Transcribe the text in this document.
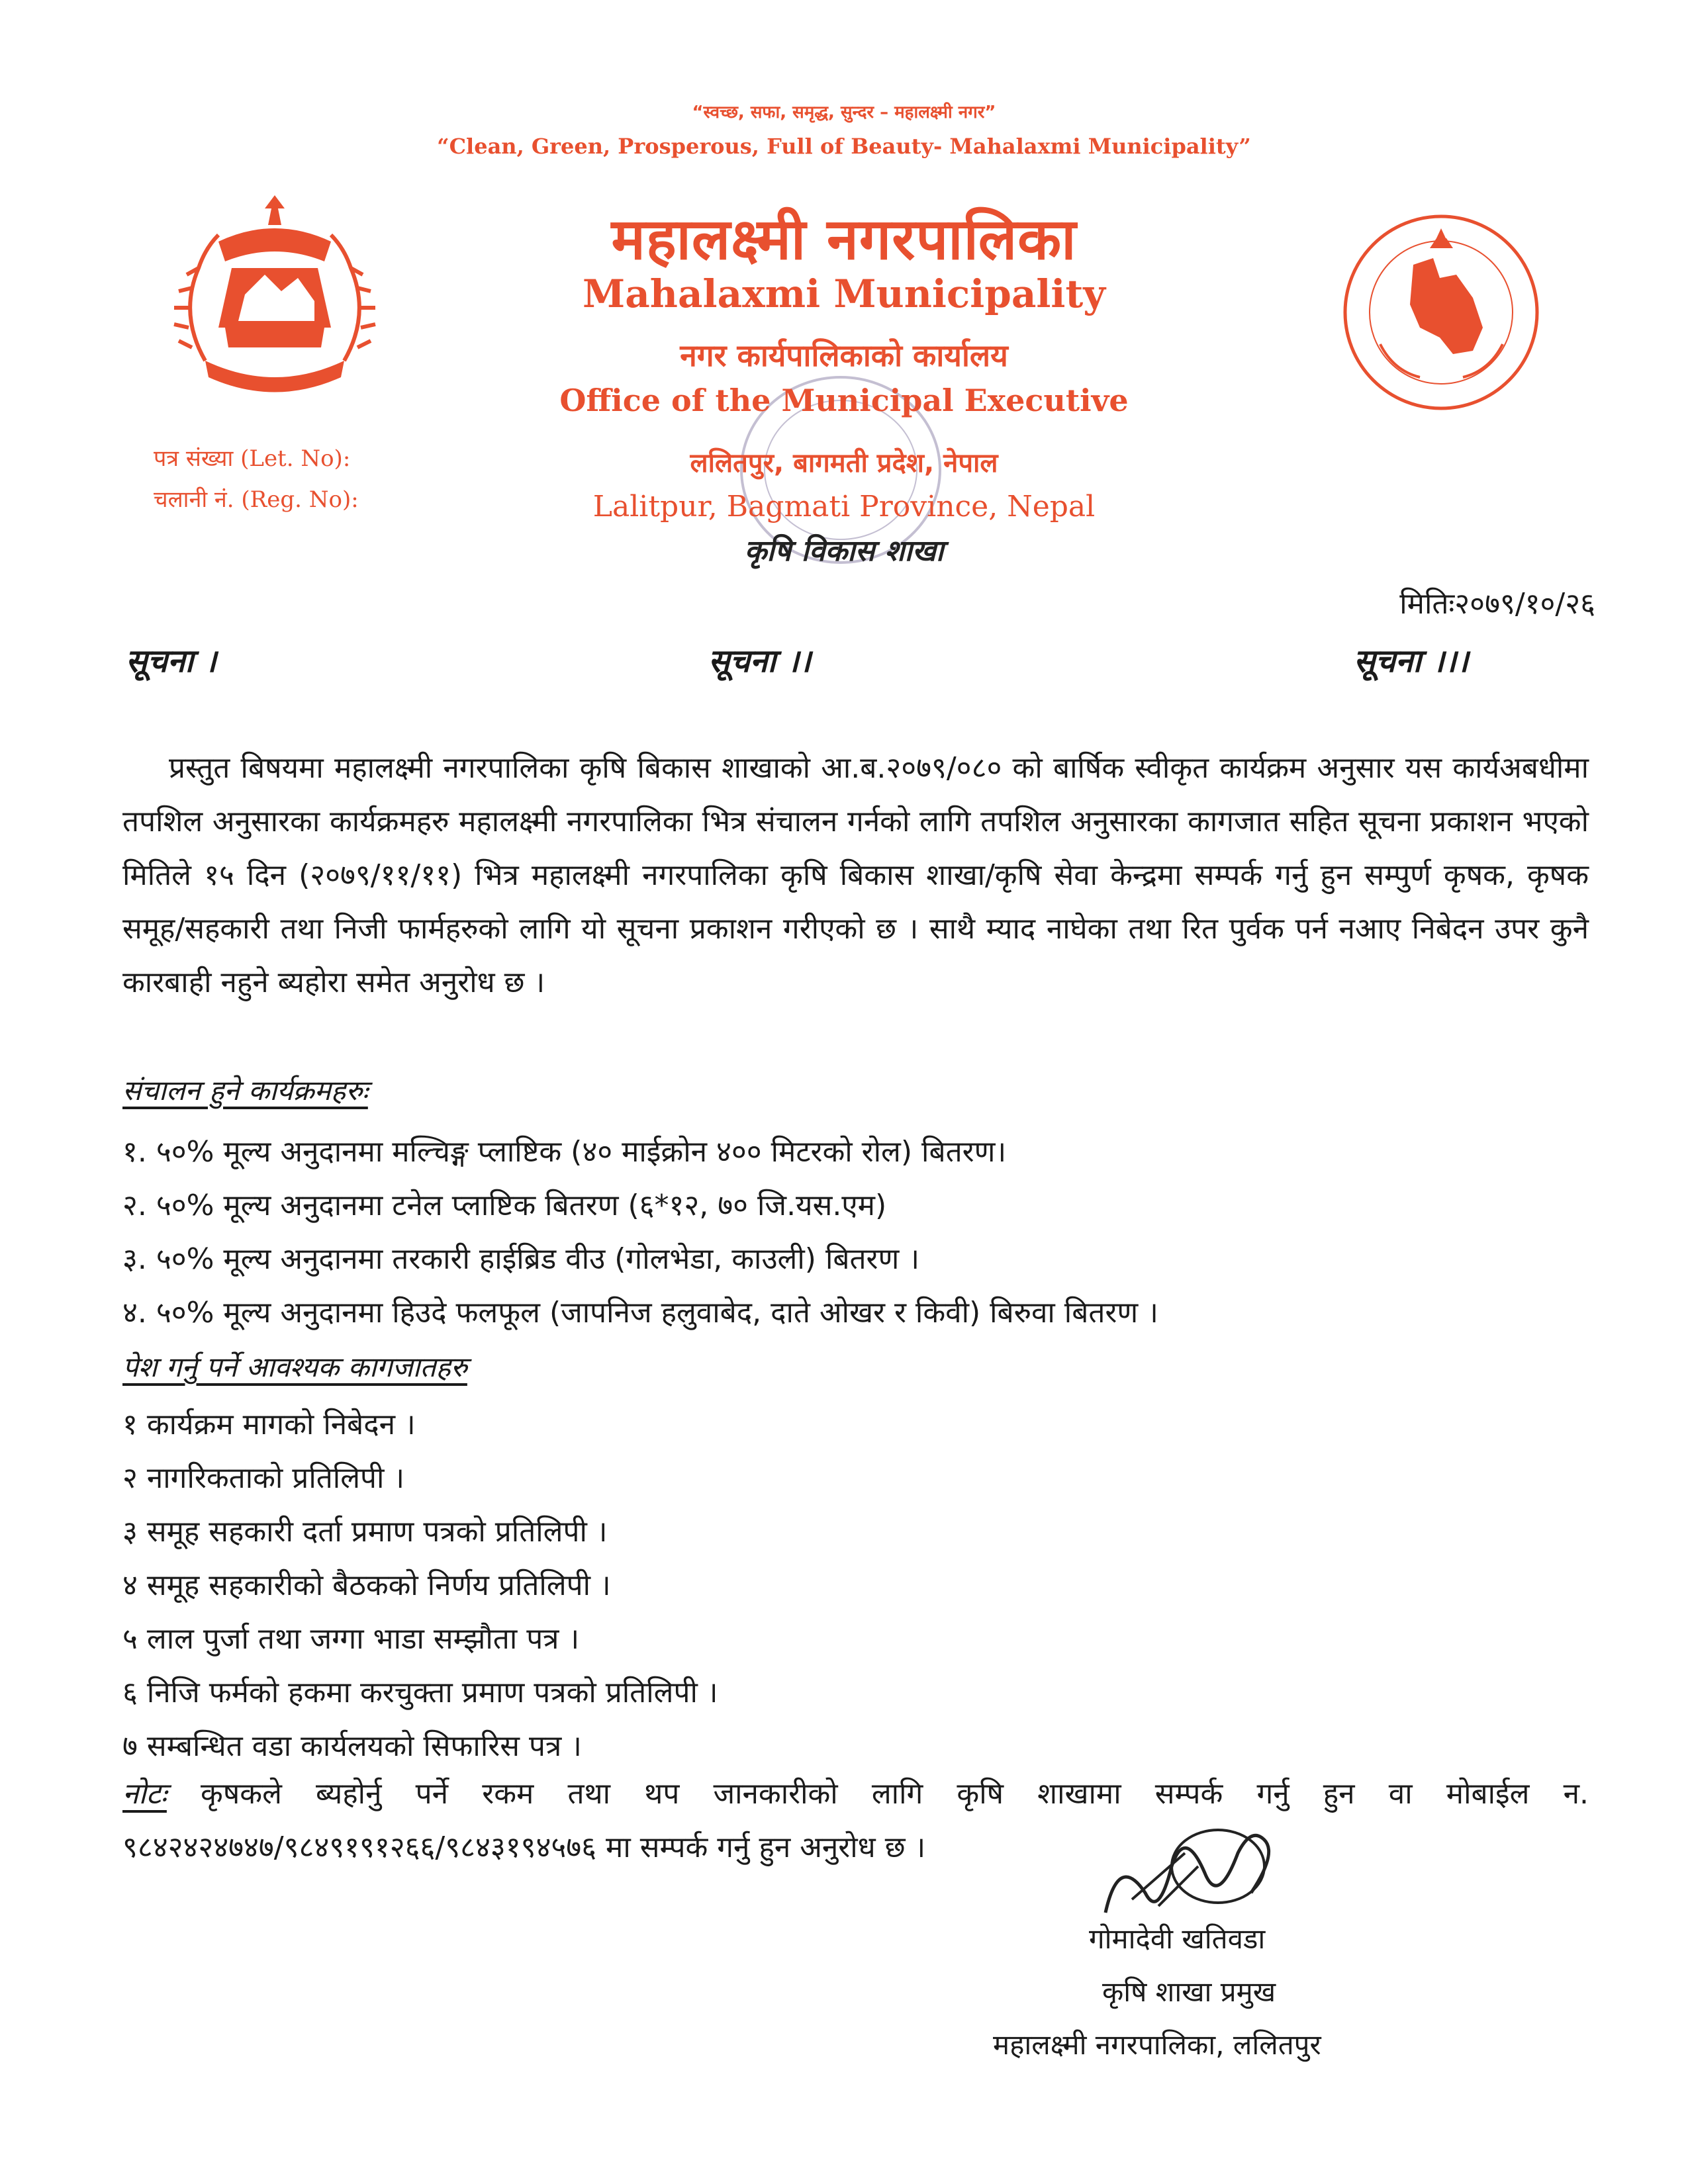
“स्वच्छ, सफा, समृद्ध, सुन्दर – महालक्ष्मी नगर”
“Clean, Green, Prosperous, Full of Beauty- Mahalaxmi Municipality”
महालक्ष्मी नगरपालिका
Mahalaxmi Municipality
नगर कार्यपालिकाको कार्यालय
Office of the Municipal Executive
ललितपुर, बागमती प्रदेश, नेपाल
Lalitpur, Bagmati Province, Nepal
कृषि विकास शाखा
पत्र संख्या (Let. No):
चलानी नं. (Reg. No):
मितिः२०७९/१०/२६
सूचना ।	सूचना ।।	सूचना ।।।
प्रस्तुत बिषयमा महालक्ष्मी नगरपालिका कृषि बिकास शाखाको आ.ब.२०७९/०८० को बार्षिक स्वीकृत कार्यक्रम अनुसार यस कार्यअबधीमा तपशिल अनुसारका कार्यक्रमहरु महालक्ष्मी नगरपालिका भित्र संचालन गर्नको लागि तपशिल अनुसारका कागजात सहित सूचना प्रकाशन भएको मितिले १५ दिन (२०७९/११/११) भित्र महालक्ष्मी नगरपालिका कृषि बिकास शाखा/कृषि सेवा केन्द्रमा सम्पर्क गर्नु हुन सम्पुर्ण कृषक, कृषक समूह/सहकारी तथा निजी फार्महरुको लागि यो सूचना प्रकाशन गरीएको छ । साथै म्याद नाघेका तथा रित पुर्वक पर्न नआए निबेदन उपर कुनै कारबाही नहुने ब्यहोरा समेत अनुरोध छ ।
संचालन हुने कार्यक्रमहरुः
१. ५०% मूल्य अनुदानमा मल्चिङ्ग प्लाष्टिक (४० माईक्रोन ४०० मिटरको रोल) बितरण।
२. ५०% मूल्य अनुदानमा टनेल प्लाष्टिक बितरण (६*१२, ७० जि.यस.एम)
३. ५०% मूल्य अनुदानमा तरकारी हाईब्रिड वीउ (गोलभेडा, काउली) बितरण ।
४. ५०% मूल्य अनुदानमा हिउदे फलफूल (जापनिज हलुवाबेद, दाते ओखर र किवी) बिरुवा बितरण ।
पेश गर्नु पर्ने आवश्यक कागजातहरु
१ कार्यक्रम मागको निबेदन ।
२ नागरिकताको प्रतिलिपी ।
३ समूह सहकारी दर्ता प्रमाण पत्रको प्रतिलिपी ।
४ समूह सहकारीको बैठकको निर्णय प्रतिलिपी ।
५ लाल पुर्जा तथा जग्गा भाडा सम्झौता पत्र ।
६ निजि फर्मको हकमा करचुक्ता प्रमाण पत्रको प्रतिलिपी ।
७ सम्बन्धित वडा कार्यलयको सिफारिस पत्र ।
नोटः कृषकले ब्यहोर्नु पर्ने रकम तथा थप जानकारीको लागि कृषि शाखामा सम्पर्क गर्नु हुन वा मोबाईल न. ९८४२४२४७४७/९८४९१९१२६६/९८४३१९४५७६ मा सम्पर्क गर्नु हुन अनुरोध छ ।
गोमादेवी खतिवडा
कृषि शाखा प्रमुख
महालक्ष्मी नगरपालिका, ललितपुर
